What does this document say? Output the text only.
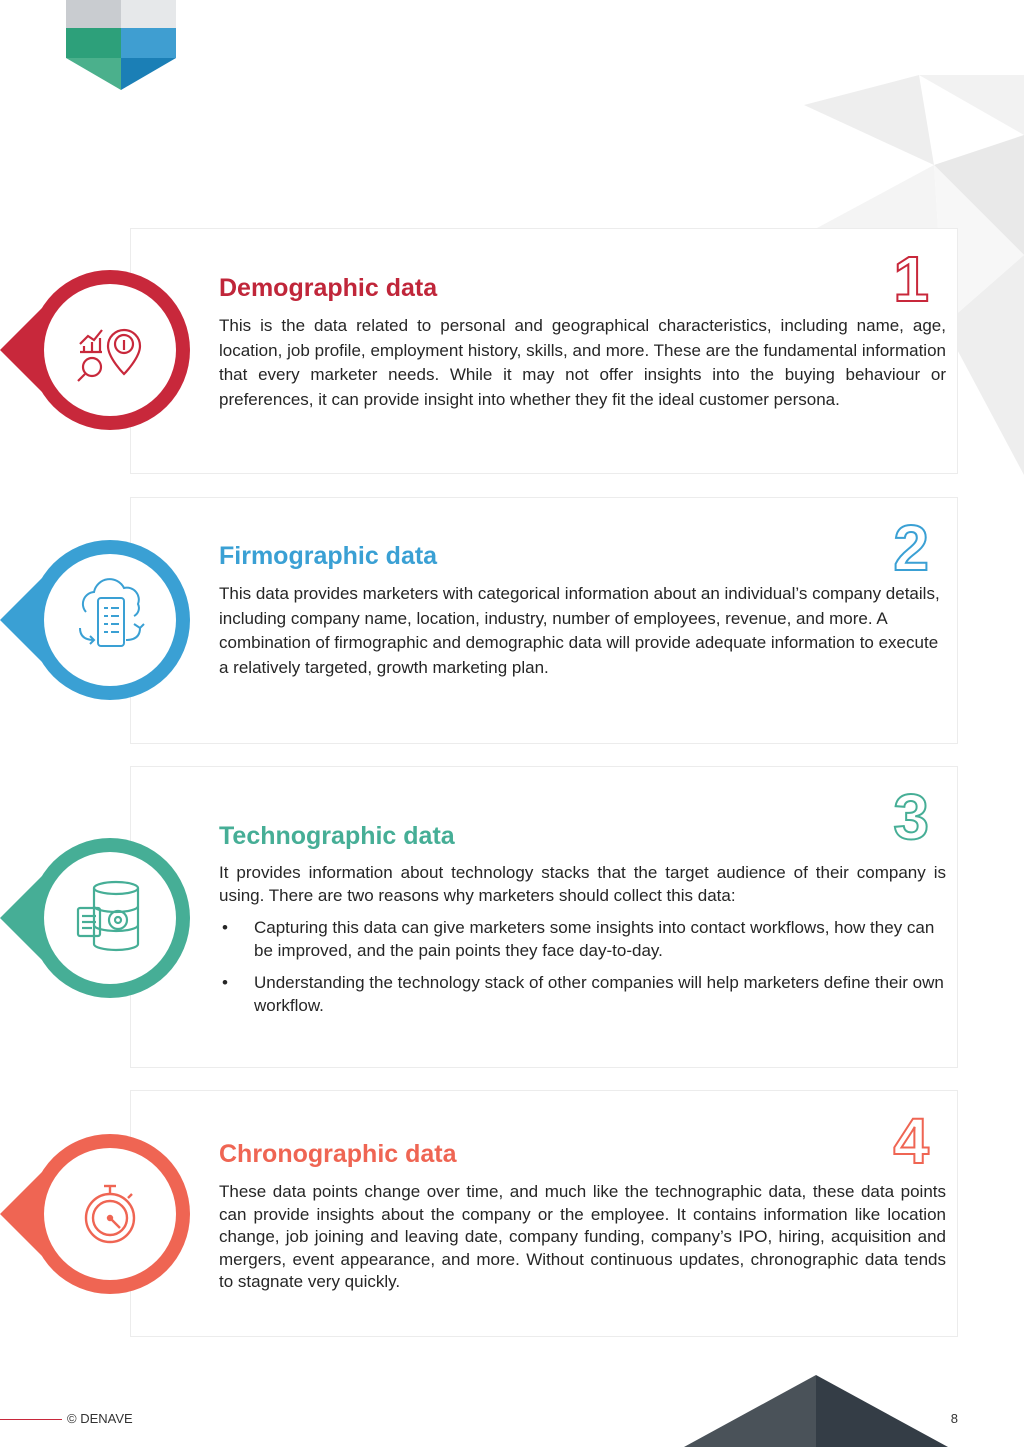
1
Demographic data

This is the data related to personal and geographical characteristics, including name, age, location, job profile, employment history, skills, and more. These are the fundamental information that every marketer needs. While it may not offer insights into the buying behaviour or preferences, it can provide insight into whether they fit the ideal customer persona.

2
Firmographic data

This data provides marketers with categorical information about an individual’s company details, including company name, location, industry, number of employees, revenue, and more. A combination of firmographic and demographic data will provide adequate information to execute a relatively targeted, growth marketing plan.

3
Technographic data

It provides information about technology stacks that the target audience of their company is using. There are two reasons why marketers should collect this data:

• Capturing this data can give marketers some insights into contact workflows, how they can be improved, and the pain points they face day-to-day.
• Understanding the technology stack of other companies will help marketers define their own workflow.
4
Chronographic data

These data points change over time, and much like the technographic data, these data points can provide insights about the company or the employee. It contains information like location change, job joining and leaving date, company funding, company’s IPO, hiring, acquisition and mergers, event appearance, and more. Without continuous updates, chronographic data tends to stagnate very quickly.

© DENAVE	8
